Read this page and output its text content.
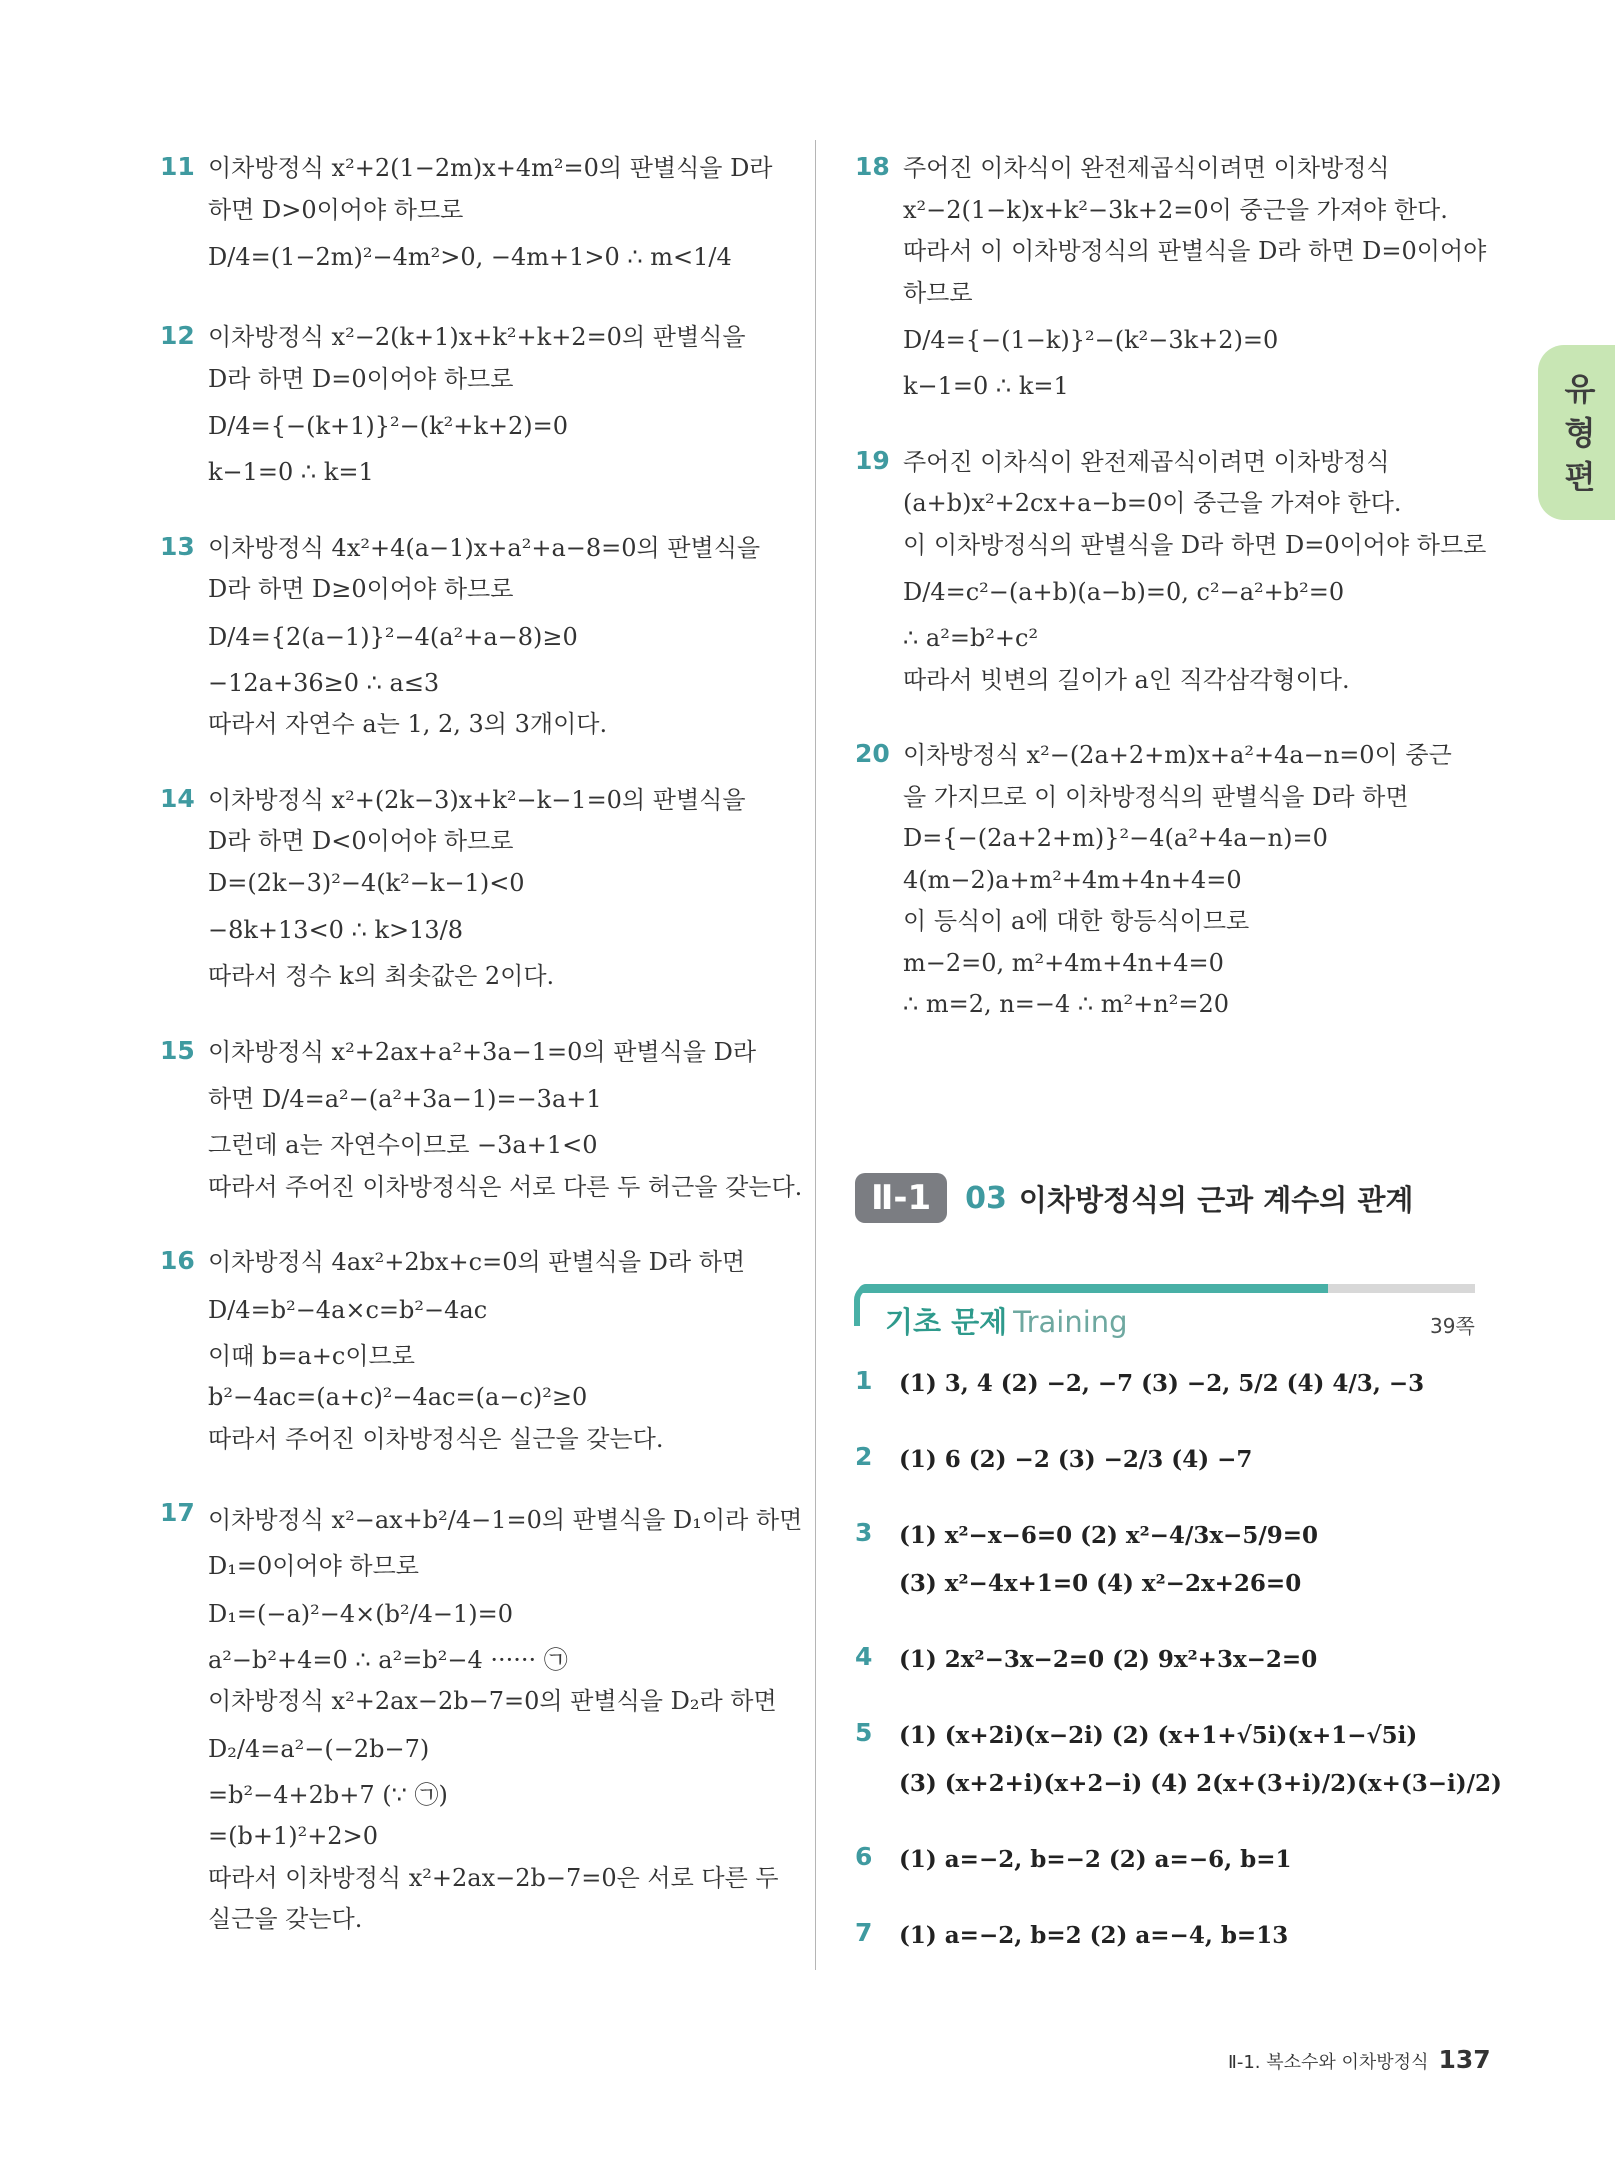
11 이차방정식 x²+2(1−2m)x+4m²=0의 판별식을 D라
하면 D>0이어야 하므로
D/4=(1−2m)²−4m²>0, −4m+1>0 ∴ m<1/4
12 이차방정식 x²−2(k+1)x+k²+k+2=0의 판별식을
D라 하면 D=0이어야 하므로
D/4={−(k+1)}²−(k²+k+2)=0
k−1=0 ∴ k=1
13 이차방정식 4x²+4(a−1)x+a²+a−8=0의 판별식을
D라 하면 D≥0이어야 하므로
D/4={2(a−1)}²−4(a²+a−8)≥0
−12a+36≥0 ∴ a≤3
따라서 자연수 a는 1, 2, 3의 3개이다.
14 이차방정식 x²+(2k−3)x+k²−k−1=0의 판별식을
D라 하면 D<0이어야 하므로
D=(2k−3)²−4(k²−k−1)<0
−8k+13<0 ∴ k>13/8
따라서 정수 k의 최솟값은 2이다.
15 이차방정식 x²+2ax+a²+3a−1=0의 판별식을 D라
하면 D/4=a²−(a²+3a−1)=−3a+1
그런데 a는 자연수이므로 −3a+1<0
따라서 주어진 이차방정식은 서로 다른 두 허근을 갖는다.
16 이차방정식 4ax²+2bx+c=0의 판별식을 D라 하면
D/4=b²−4a×c=b²−4ac
이때 b=a+c이므로
b²−4ac=(a+c)²−4ac=(a−c)²≥0
따라서 주어진 이차방정식은 실근을 갖는다.
17 이차방정식 x²−ax+b²/4−1=0의 판별식을 D₁이라 하면
D₁=0이어야 하므로
D₁=(−a)²−4×(b²/4−1)=0
a²−b²+4=0 ∴ a²=b²−4 ······ ㉠
이차방정식 x²+2ax−2b−7=0의 판별식을 D₂라 하면
D₂/4=a²−(−2b−7)
=b²−4+2b+7 (∵ ㉠)
=(b+1)²+2>0
따라서 이차방정식 x²+2ax−2b−7=0은 서로 다른 두
실근을 갖는다.
18 주어진 이차식이 완전제곱식이려면 이차방정식
x²−2(1−k)x+k²−3k+2=0이 중근을 가져야 한다.
따라서 이 이차방정식의 판별식을 D라 하면 D=0이어야
하므로
D/4={−(1−k)}²−(k²−3k+2)=0
k−1=0 ∴ k=1
19 주어진 이차식이 완전제곱식이려면 이차방정식
(a+b)x²+2cx+a−b=0이 중근을 가져야 한다.
이 이차방정식의 판별식을 D라 하면 D=0이어야 하므로
D/4=c²−(a+b)(a−b)=0, c²−a²+b²=0
∴ a²=b²+c²
따라서 빗변의 길이가 a인 직각삼각형이다.
20 이차방정식 x²−(2a+2+m)x+a²+4a−n=0이 중근
을 가지므로 이 이차방정식의 판별식을 D라 하면
D={−(2a+2+m)}²−4(a²+4a−n)=0
4(m−2)a+m²+4m+4n+4=0
이 등식이 a에 대한 항등식이므로
m−2=0, m²+4m+4n+4=0
∴ m=2, n=−4 ∴ m²+n²=20
유형편
Ⅱ-1	03 이차방정식의 근과 계수의 관계
기초 문제 Training	39쪽
1 (1) 3, 4 (2) −2, −7 (3) −2, 5/2 (4) 4/3, −3
2 (1) 6 (2) −2 (3) −2/3 (4) −7
3 (1) x²−x−6=0 (2) x²−4/3x−5/9=0
(3) x²−4x+1=0 (4) x²−2x+26=0
4 (1) 2x²−3x−2=0 (2) 9x²+3x−2=0
5 (1) (x+2i)(x−2i) (2) (x+1+√5i)(x+1−√5i)
(3) (x+2+i)(x+2−i) (4) 2(x+(3+i)/2)(x+(3−i)/2)
6 (1) a=−2, b=−2 (2) a=−6, b=1
7 (1) a=−2, b=2 (2) a=−4, b=13
Ⅱ-1. 복소수와 이차방정식 137
